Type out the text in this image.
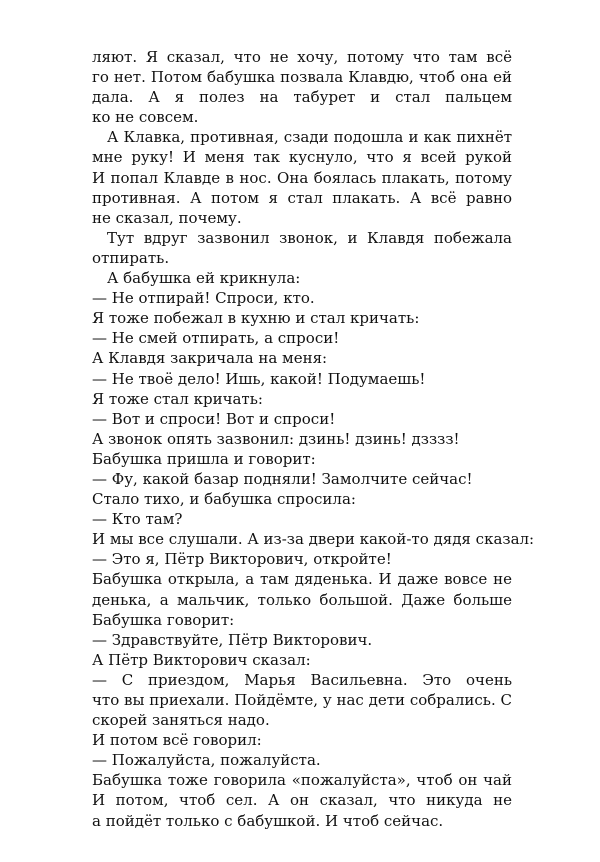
ляют. Я сказал, что не хочу, потому что там всё
го нет. Потом бабушка позвала Клавдю, чтоб она ей
дала. А я полез на табурет и стал пальцем
ко не совсем.
А Клавка, противная, сзади подошла и как пихнёт
мне руку! И меня так куснуло, что я всей рукой
И попал Клавде в нос. Она боялась плакать, потому
противная. А потом я стал плакать. А всё равно
не сказал, почему.
Тут вдруг зазвонил звонок, и Клавдя побежала
отпирать.
А бабушка ей крикнула:
— Не отпирай! Спроси, кто.
Я тоже побежал в кухню и стал кричать:
— Не смей отпирать, а спроси!
А Клавдя закричала на меня:
— Не твоё дело! Ишь, какой! Подумаешь!
Я тоже стал кричать:
— Вот и спроси! Вот и спроси!
А звонок опять зазвонил: дзинь! дзинь! дзззз!
Бабушка пришла и говорит:
— Фу, какой базар подняли! Замолчите сейчас!
Стало тихо, и бабушка спросила:
— Кто там?
И мы все слушали. А из-за двери какой-то дядя сказал:
— Это я, Пётр Викторович, откройте!
Бабушка открыла, а там дяденька. И даже вовсе не
денька, а мальчик, только большой. Даже больше
Бабушка говорит:
— Здравствуйте, Пётр Викторович.
А Пётр Викторович сказал:
— С приездом, Марья Васильевна. Это очень
что вы приехали. Пойдёмте, у нас дети собрались. С
скорей заняться надо.
И потом всё говорил:
— Пожалуйста, пожалуйста.
Бабушка тоже говорила «пожалуйста», чтоб он чай
И потом, чтоб сел. А он сказал, что никуда не
а пойдёт только с бабушкой. И чтоб сейчас.
